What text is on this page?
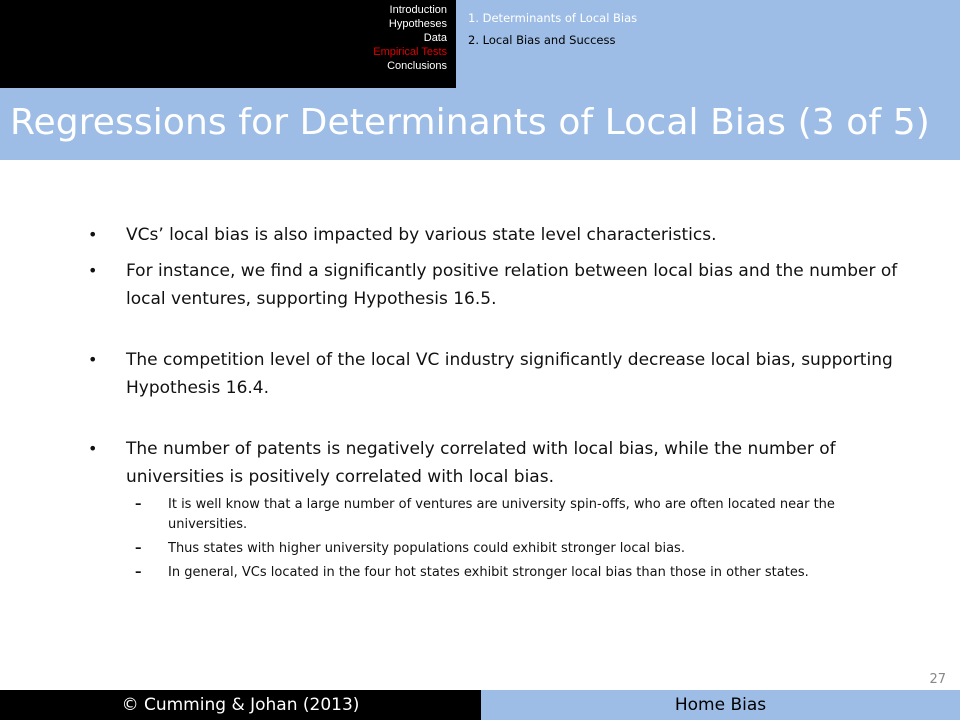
Introduction
Hypotheses
Data
Empirical Tests
Conclusions
1. Determinants of Local Bias
2. Local Bias and Success
Regressions for Determinants of Local Bias (3 of 5)

•	VCs’ local bias is also impacted by various state level characteristics.

•	For instance, we find a significantly positive relation between local bias and the number of local ventures, supporting Hypothesis 16.5.

•	The competition level of the local VC industry significantly decrease local bias, supporting Hypothesis 16.4.

•	The number of patents is negatively correlated with local bias, while the number of universities is positively correlated with local bias.

– It is well know that a large number of ventures are university spin-offs, who are often located near the universities.

– Thus states with higher university populations could exhibit stronger local bias.

– In general, VCs located in the four hot states exhibit stronger local bias than those in other states.

27
© Cumming & Johan (2013)	Home Bias
